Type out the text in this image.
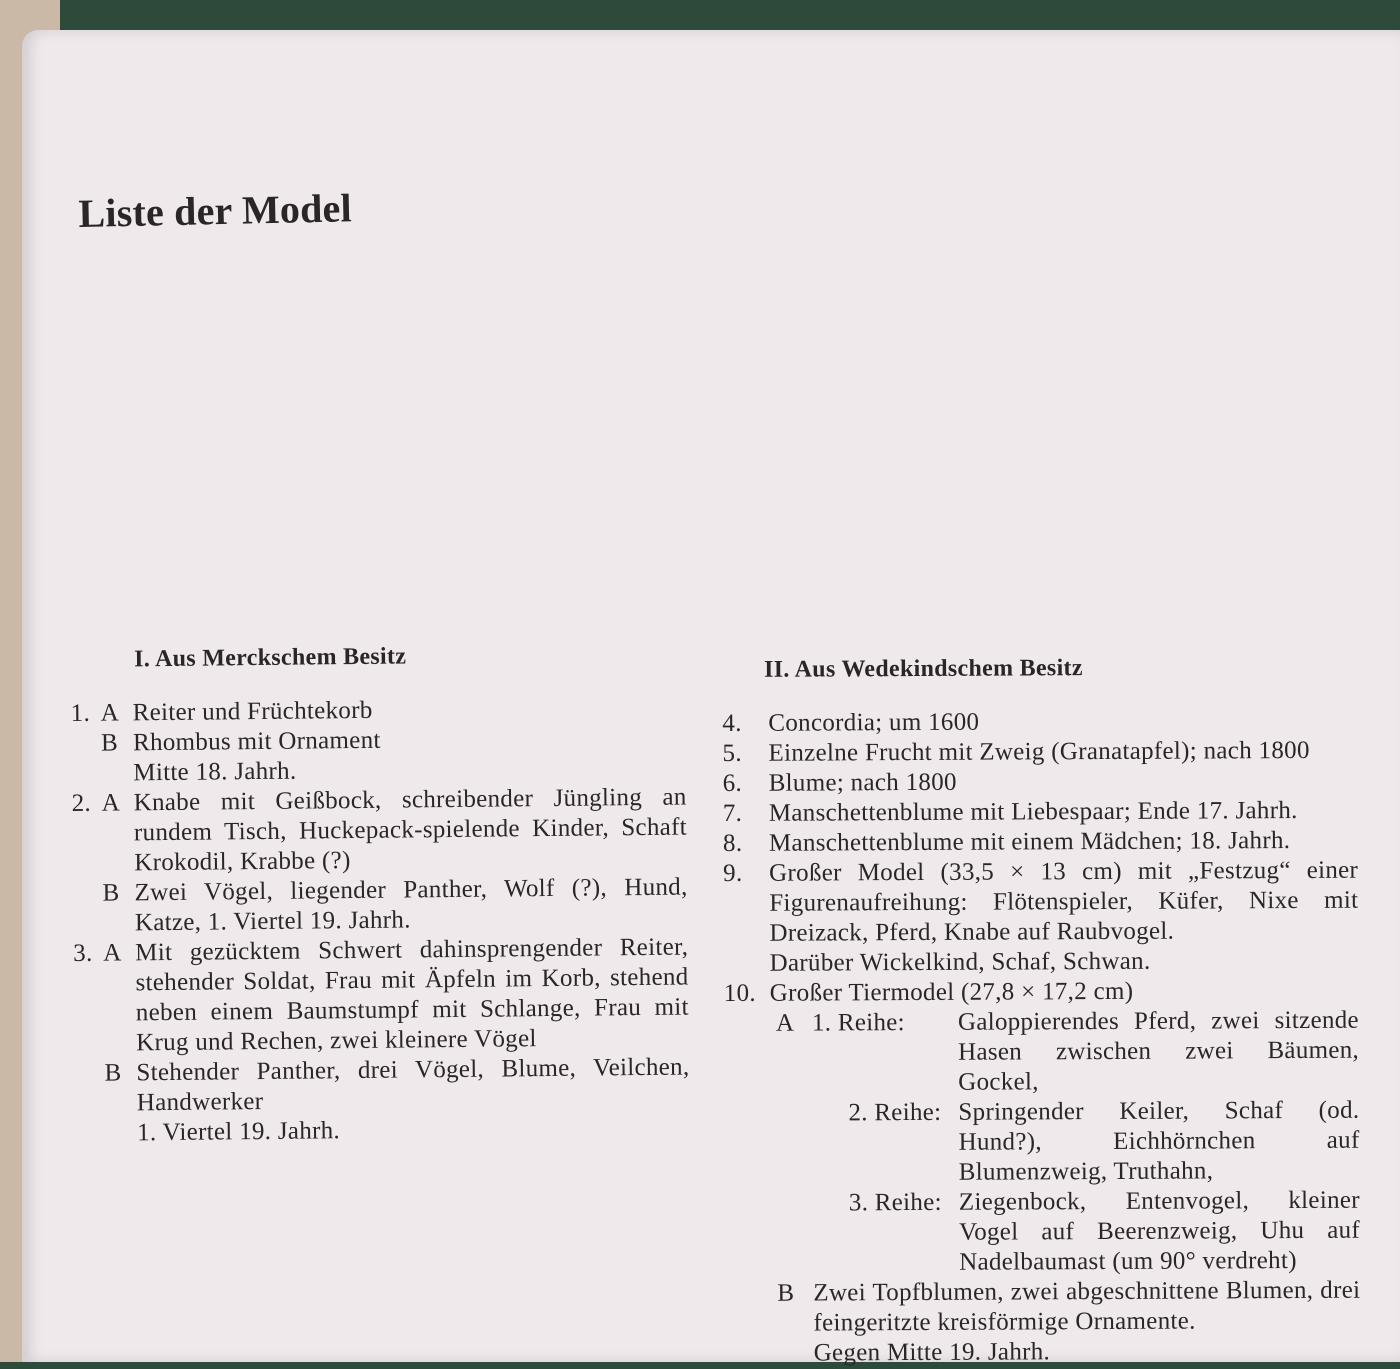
Liste der Model
I. Aus Merckschem Besitz
1. A Reiter und Früchtekorb
B Rhombus mit Ornament
Mitte 18. Jahrh.
2. A Knabe mit Geißbock, schreibender Jüngling an rundem Tisch, Huckepack-spielende Kinder, Schaft Krokodil, Krabbe (?)
B Zwei Vögel, liegender Panther, Wolf (?), Hund, Katze, 1. Viertel 19. Jahrh.
3. A Mit gezücktem Schwert dahinsprengender Reiter, stehender Soldat, Frau mit Äpfeln im Korb, stehend neben einem Baumstumpf mit Schlange, Frau mit Krug und Rechen, zwei kleinere Vögel
B Stehender Panther, drei Vögel, Blume, Veilchen, Handwerker
1. Viertel 19. Jahrh.
II. Aus Wedekindschem Besitz
4. Concordia; um 1600
5. Einzelne Frucht mit Zweig (Granatapfel); nach 1800
6. Blume; nach 1800
7. Manschettenblume mit Liebespaar; Ende 17. Jahrh.
8. Manschettenblume mit einem Mädchen; 18. Jahrh.
9. Großer Model (33,5 × 13 cm) mit „Festzug“ einer Figurenaufreihung: Flötenspieler, Küfer, Nixe mit Dreizack, Pferd, Knabe auf Raubvogel.
Darüber Wickelkind, Schaf, Schwan.
10. Großer Tiermodel (27,8 × 17,2 cm)
A 1. Reihe: Galoppierendes Pferd, zwei sitzende Hasen zwischen zwei Bäumen, Gockel,
2. Reihe: Springender Keiler, Schaf (od. Hund?), Eichhörnchen auf Blumenzweig, Truthahn,
3. Reihe: Ziegenbock, Entenvogel, kleiner Vogel auf Beerenzweig, Uhu auf Nadelbaumast (um 90° verdreht)
B Zwei Topfblumen, zwei abgeschnittene Blumen, drei feingeritzte kreisförmige Ornamente.
Gegen Mitte 19. Jahrh.
